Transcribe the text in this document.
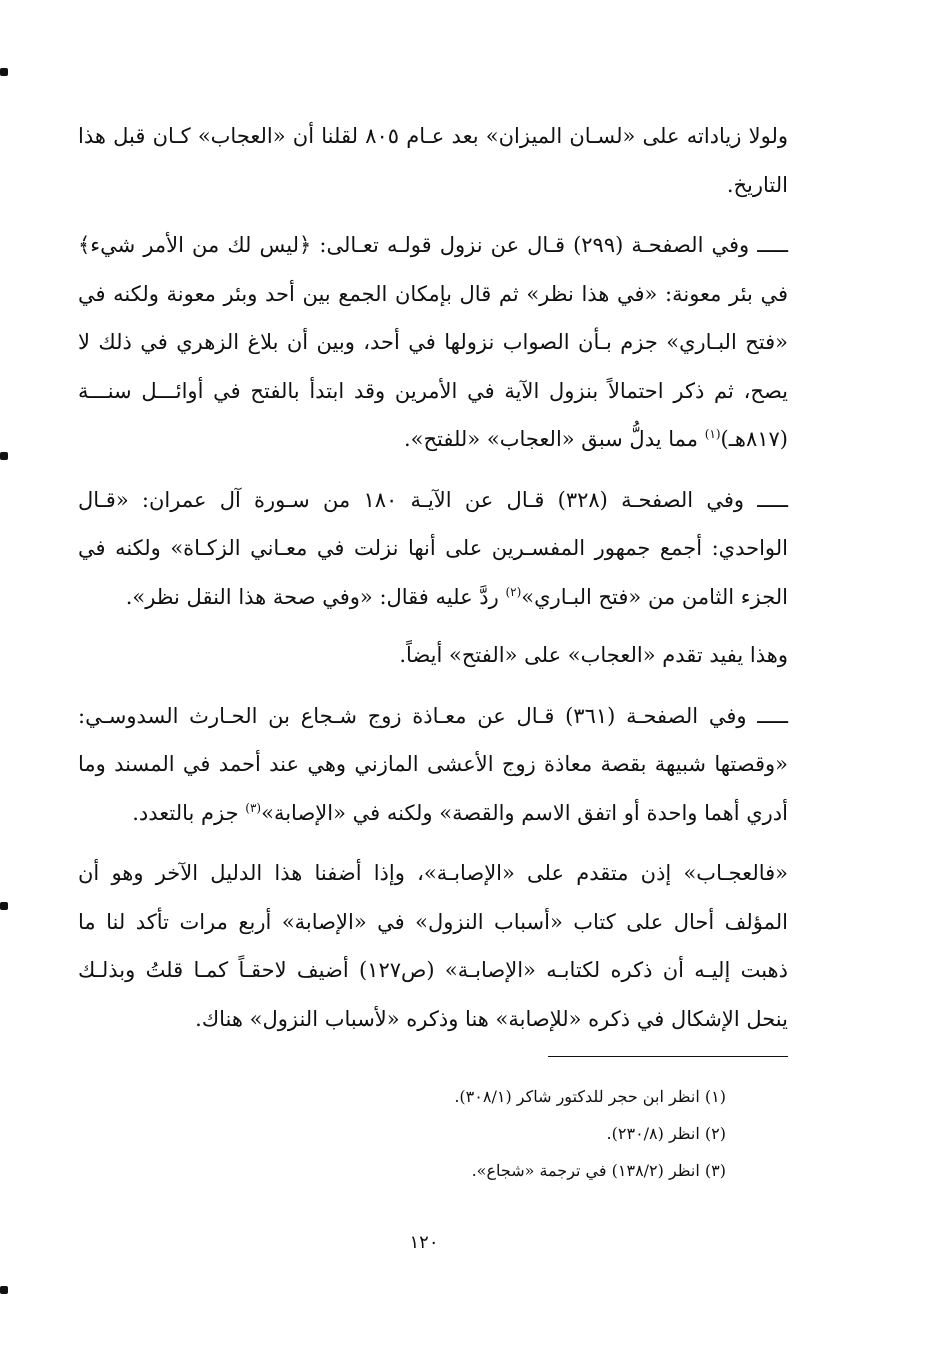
ولولا زياداته على «لسـان الميزان» بعد عـام ٨٠٥ لقلنا أن «العجاب» كـان قبل هذا التاريخ.

ـــــ وفي الصفحـة (٢٩٩) قـال عن نزول قولـه تعـالى: ﴿ليس لك من الأمر شيء﴾ في بئر معونة: «في هذا نظر» ثم قال بإمكان الجمع بين أحد وبئر معونة ولكنه في «فتح البـاري» جزم بـأن الصواب نزولها في أحد، وبين أن بلاغ الزهري في ذلك لا يصح، ثم ذكر احتمالاً بنزول الآية في الأمرين وقد ابتدأ بالفتح في أوائـــل سنـــة (٨١٧هـ)$^{(١)}$ مما يدلُّ سبق «العجاب» «للفتح».

ـــــ وفي الصفحـة (٣٢٨) قـال عن الآيـة ١٨٠ من سـورة آل عمران: «قـال الواحدي: أجمع جمهور المفسـرين على أنها نزلت في معـاني الزكـاة» ولكنه في الجزء الثامن من «فتح البـاري»$^{(٢)}$ ردَّ عليه فقال: «وفي صحة هذا النقل نظر».

وهذا يفيد تقدم «العجاب» على «الفتح» أيضاً.

ـــــ وفي الصفحـة (٣٦١) قـال عن معـاذة زوج شـجاع بن الحـارث السدوسـي: «وقصتها شبيهة بقصة معاذة زوج الأعشى المازني وهي عند أحمد في المسند وما أدري أهما واحدة أو اتفق الاسم والقصة» ولكنه في «الإصابة»$^{(٣)}$ جزم بالتعدد.

«فالعجـاب» إذن متقدم على «الإصابـة»، وإذا أضفنا هذا الدليل الآخر وهو أن المؤلف أحال على كتاب «أسباب النزول» في «الإصابة» أربع مرات تأكد لنا ما ذهبت إليـه أن ذكره لكتابـه «الإصابـة» (ص١٢٧) أضيف لاحقـاً كمـا قلتُ وبذلـك ينحل الإشكال في ذكره «للإصابة» هنا وذكره «لأسباب النزول» هناك.

(١) انظر ابن حجر للدكتور شاكر (٣٠٨/١).

(٢) انظر (٢٣٠/٨).

(٣) انظر (١٣٨/٢) في ترجمة «شجاع».

١٢٠
